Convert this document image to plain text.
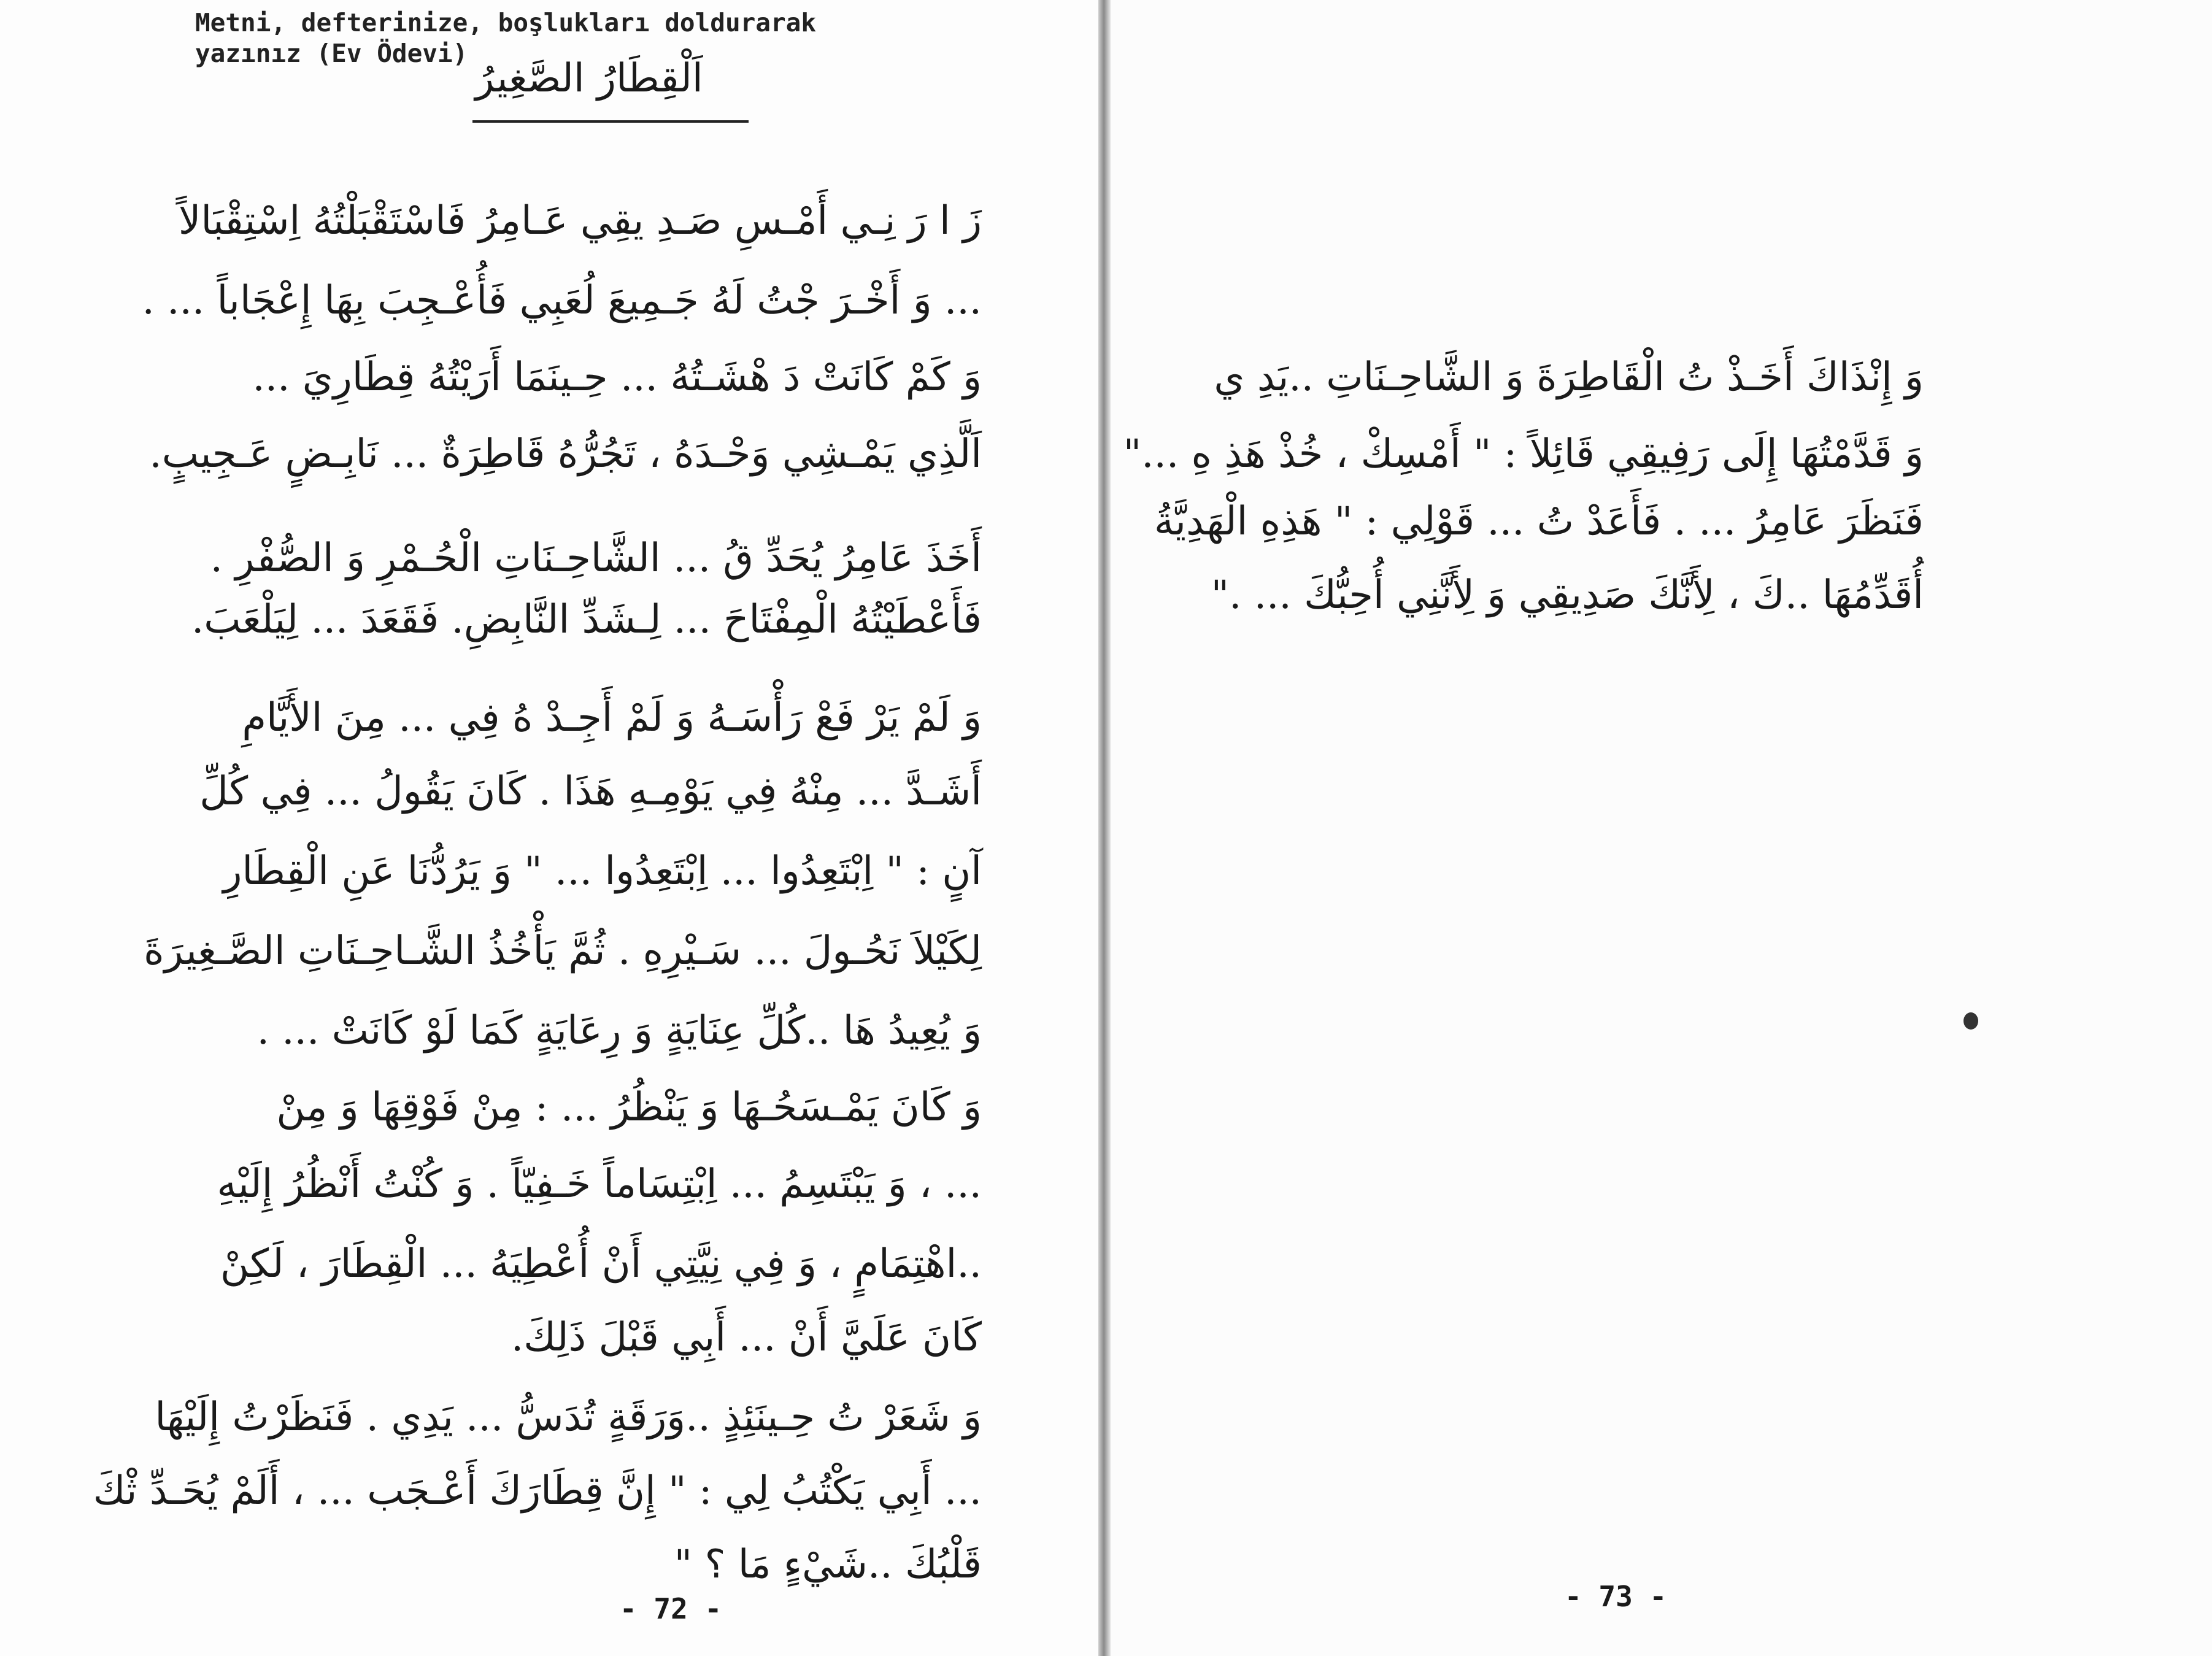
Metni, defterinize, boşlukları doldurarak
yazınız (Ev Ödevi)

اَلْقِطَارُ الصَّغِيرُ

زَ ا رَ نِـي أَمْـسِ صَـدِ يقِي عَـامِرُ فَاسْتَقْبَلْتُهُ اِسْتِقْبَالاً

... وَ أَخْـرَ جْتُ لَهُ جَـمِيعَ لُعَبِي فَأُعْـجِبَ بِهَا إِعْجَاباً ... .

وَ كَمْ كَانَتْ دَ هْشَـتُهُ ... حِـينَمَا أَرَيْتُهُ قِطَارِيَ ...

اَلَّذِي يَمْـشِي وَحْـدَهُ ، تَجُرُّهُ قَاطِرَةٌ ... نَابِـضٍ عَـجِيبٍ.

أَخَذَ عَامِرُ يُحَدِّ قُ ... الشَّاحِـنَاتِ الْحُـمْرِ وَ الصُّفْرِ .

فَأَعْطَيْتُهُ الْمِفْتَاحَ ... لِـشَدِّ النَّابِضِ. فَقَعَدَ ... لِيَلْعَبَ.

وَ لَمْ يَرْ فَعْ رَأْسَـهُ وَ لَمْ أَجِـدْ هُ فِي ... مِنَ الأَيَّامِ

أَشَـدَّ ... مِنْهُ فِي يَوْمِـهِ هَذَا . كَانَ يَقُولُ ... فِي كُلِّ

آنٍ : " اِبْتَعِدُوا ... اِبْتَعِدُوا ... " وَ يَرُدُّنَا عَنِ الْقِطَارِ

لِكَيْلاَ نَحُـولَ ... سَـيْرِهِ . ثُمَّ يَأْخُذُ الشَّـاحِـنَاتِ الصَّـغِيرَةَ

وَ يُعِيدُ هَا ..كُلِّ عِنَايَةٍ وَ رِعَايَةٍ كَمَا لَوْ كَانَتْ ... .

وَ كَانَ يَمْـسَحُـهَا وَ يَنْظُرُ ... : مِنْ فَوْقِهَا وَ مِنْ

... ، وَ يَبْتَسِمُ ... اِبْتِسَاماً خَـفِيّاً . وَ كُنْتُ أَنْظُرُ إِلَيْهِ

..اهْتِمَامٍ ، وَ فِي نِيَّتِي أَنْ أُعْطِيَهُ ... الْقِطَارَ ، لَكِنْ

كَانَ عَلَيَّ أَنْ ... أَبِي قَبْلَ ذَلِكَ.

وَ شَعَرْ تُ حِـينَئِذٍ ..وَرَقَةٍ تُدَسُّ ... يَدِي . فَنَظَرْتُ إِلَيْهَا

... أَبِي يَكْتُبُ لِي : " إِنَّ قِطَارَكَ أَعْـجَب ... ، أَلَمْ يُحَـدِّ ثْكَ

قَلْبُكَ ..شَيْءٍ مَا ؟ "

- 72 -

وَ إِنْذَاكَ أَخَـذْ تُ الْقَاطِرَةَ وَ الشَّاحِـنَاتِ ..يَدِ ي

وَ قَدَّمْتُهَا إِلَى رَفِيقِي قَائِلاً : " أَمْسِكْ ، خُذْ هَذِ هِ ..."

فَنَظَرَ عَامِرُ ... . فَأَعَدْ تُ ... قَوْلِي : " هَذِهِ الْهَدِيَّةُ

أُقَدِّمُهَا ..كَ ، لِأَنَّكَ صَدِيقِي وَ لِأَنَّنِي أُحِبُّكَ ... ."

- 73 -
